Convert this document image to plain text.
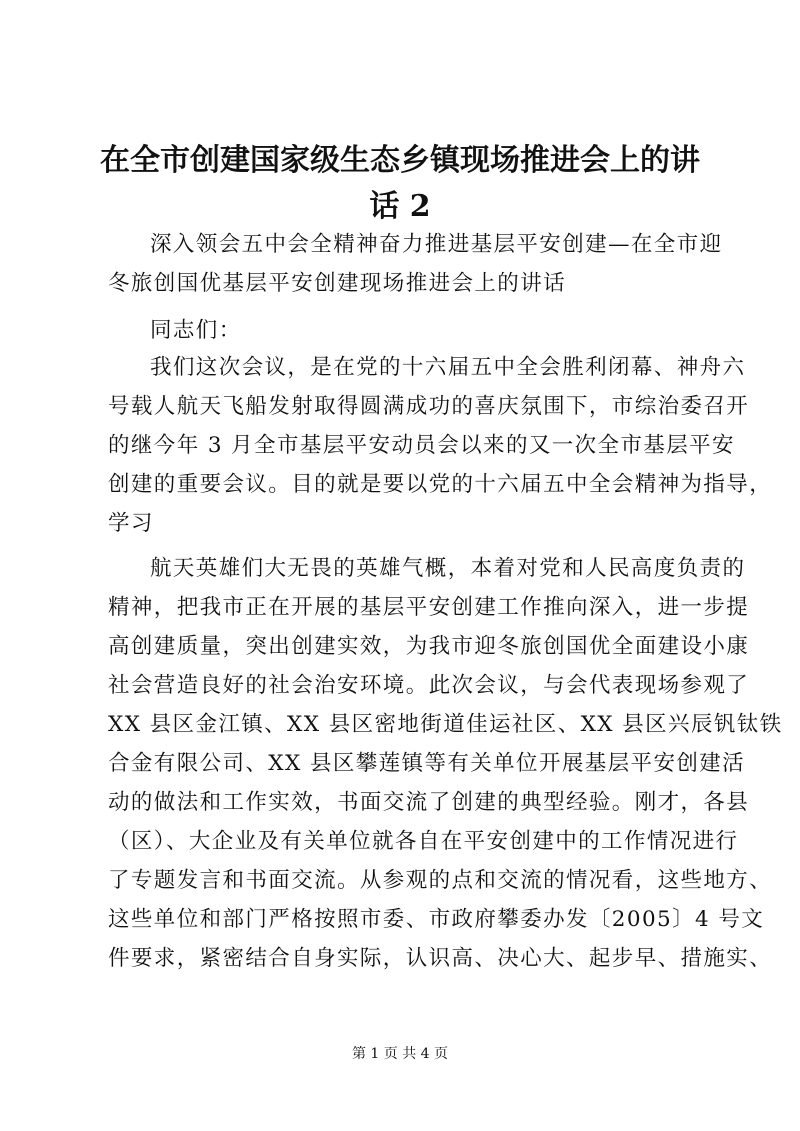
在全市创建国家级生态乡镇现场推进会上的讲
话 2

深入领会五中会全精神奋力推进基层平安创建—在全市迎

冬旅创国优基层平安创建现场推进会上的讲话

同志们：

我们这次会议，是在党的十六届五中全会胜利闭幕、神舟六

号载人航天飞船发射取得圆满成功的喜庆氛围下，市综治委召开

的继今年 3 月全市基层平安动员会以来的又一次全市基层平安

创建的重要会议。目的就是要以党的十六届五中全会精神为指导，

学习

航天英雄们大无畏的英雄气概，本着对党和人民高度负责的

精神，把我市正在开展的基层平安创建工作推向深入，进一步提

高创建质量，突出创建实效，为我市迎冬旅创国优全面建设小康

社会营造良好的社会治安环境。此次会议，与会代表现场参观了

XX 县区金江镇、XX 县区密地街道佳运社区、XX 县区兴辰钒钛铁

合金有限公司、XX 县区攀莲镇等有关单位开展基层平安创建活

动的做法和工作实效，书面交流了创建的典型经验。刚才，各县

（区）、大企业及有关单位就各自在平安创建中的工作情况进行

了专题发言和书面交流。从参观的点和交流的情况看，这些地方、

这些单位和部门严格按照市委、市政府攀委办发〔2005〕4 号文

件要求，紧密结合自身实际，认识高、决心大、起步早、措施实、

第 1 页 共 4 页
